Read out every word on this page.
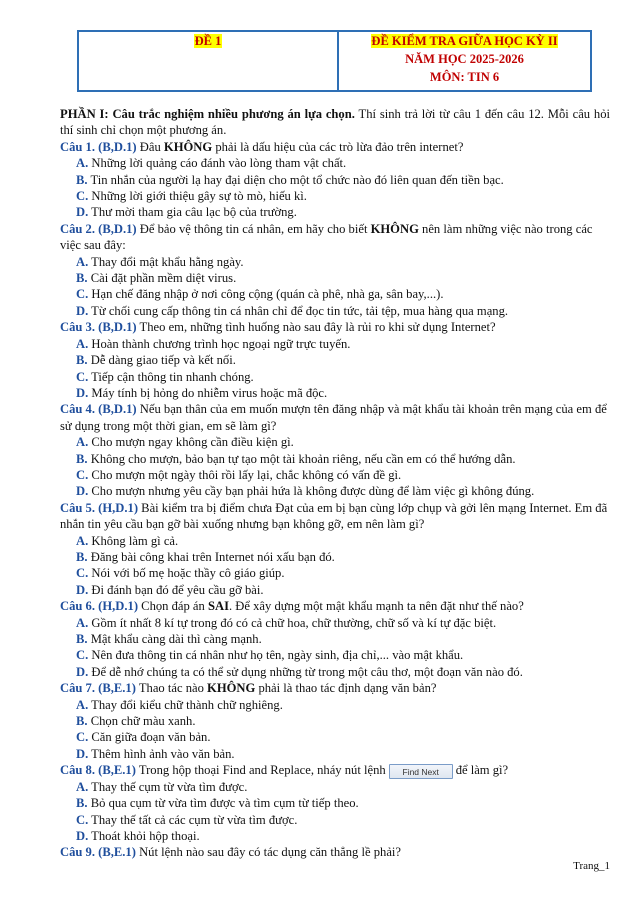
ĐỀ 1	ĐỀ KIỂM TRA GIỮA HỌC KỲ II
NĂM HỌC 2025-2026
MÔN: TIN 6

PHẦN I: Câu trắc nghiệm nhiều phương án lựa chọn. Thí sinh trả lời từ câu 1 đến câu 12. Mỗi câu hỏi thí sinh chỉ chọn một phương án.

Câu 1. (B,D.1) Đâu KHÔNG phải là dấu hiệu của các trò lừa đảo trên internet?

A. Những lời quảng cáo đánh vào lòng tham vật chất.

B. Tin nhắn của người lạ hay đại diện cho một tổ chức nào đó liên quan đến tiền bạc.

C. Những lời giới thiệu gây sự tò mò, hiếu kì.

D. Thư mời tham gia câu lạc bộ của trường.

Câu 2. (B,D.1) Để bảo vệ thông tin cá nhân, em hãy cho biết KHÔNG nên làm những việc nào trong các việc sau đây:

A. Thay đổi mật khẩu hằng ngày.

B. Cài đặt phần mềm diệt virus.

C. Hạn chế đăng nhập ở nơi công cộng (quán cà phê, nhà ga, sân bay,...).

D. Từ chối cung cấp thông tin cá nhân chỉ để đọc tin tức, tải tệp, mua hàng qua mạng.

Câu 3. (B,D.1) Theo em, những tình huống nào sau đây là rủi ro khi sử dụng Internet?

A. Hoàn thành chương trình học ngoại ngữ trực tuyến.

B. Dễ dàng giao tiếp và kết nối.

C. Tiếp cận thông tin nhanh chóng.

D. Máy tính bị hỏng do nhiễm virus hoặc mã độc.

Câu 4. (B,D.1) Nếu bạn thân của em muốn mượn tên đăng nhập và mật khẩu tài khoản trên mạng của em để sử dụng trong một thời gian, em sẽ làm gì?

A. Cho mượn ngay không cần điều kiện gì.

B. Không cho mượn, bảo bạn tự tạo một tài khoản riêng, nếu cần em có thể hướng dẫn.

C. Cho mượn một ngày thôi rồi lấy lại, chắc không có vấn đề gì.

D. Cho mượn nhưng yêu cầy bạn phải hứa là không được dùng để làm việc gì không đúng.

Câu 5. (H,D.1) Bài kiểm tra bị điểm chưa Đạt của em bị bạn cùng lớp chụp và gởi lên mạng Internet. Em đã nhắn tin yêu cầu bạn gỡ bài xuống nhưng bạn không gỡ, em nên làm gì?

A. Không làm gì cả.

B. Đăng bài công khai trên Internet nói xấu bạn đó.

C. Nói với bố mẹ hoặc thầy cô giáo giúp.

D. Đi đánh bạn đó để yêu cầu gỡ bài.

Câu 6. (H,D.1) Chọn đáp án SAI. Để xây dựng một mật khẩu mạnh ta nên đặt như thế nào?

A. Gồm ít nhất 8 kí tự trong đó có cả chữ hoa, chữ thường, chữ số và kí tự đặc biệt.

B. Mật khẩu càng dài thì càng mạnh.

C. Nên đưa thông tin cá nhân như họ tên, ngày sinh, địa chỉ,... vào mật khẩu.

D. Để dễ nhớ chúng ta có thể sử dụng những từ trong một câu thơ, một đoạn văn nào đó.

Câu 7. (B,E.1) Thao tác nào KHÔNG phải là thao tác định dạng văn bản?

A. Thay đổi kiểu chữ thành chữ nghiêng.

B. Chọn chữ màu xanh.

C. Căn giữa đoạn văn bản.

D. Thêm hình ảnh vào văn bản.

Câu 8. (B,E.1) Trong hộp thoại Find and Replace, nháy nút lệnh Find Next để làm gì?

A. Thay thế cụm từ vừa tìm được.

B. Bỏ qua cụm từ vừa tìm được và tìm cụm từ tiếp theo.

C. Thay thế tất cả các cụm từ vừa tìm được.

D. Thoát khỏi hộp thoại.

Câu 9. (B,E.1) Nút lệnh nào sau đây có tác dụng căn thẳng lề phải?

Trang_1
